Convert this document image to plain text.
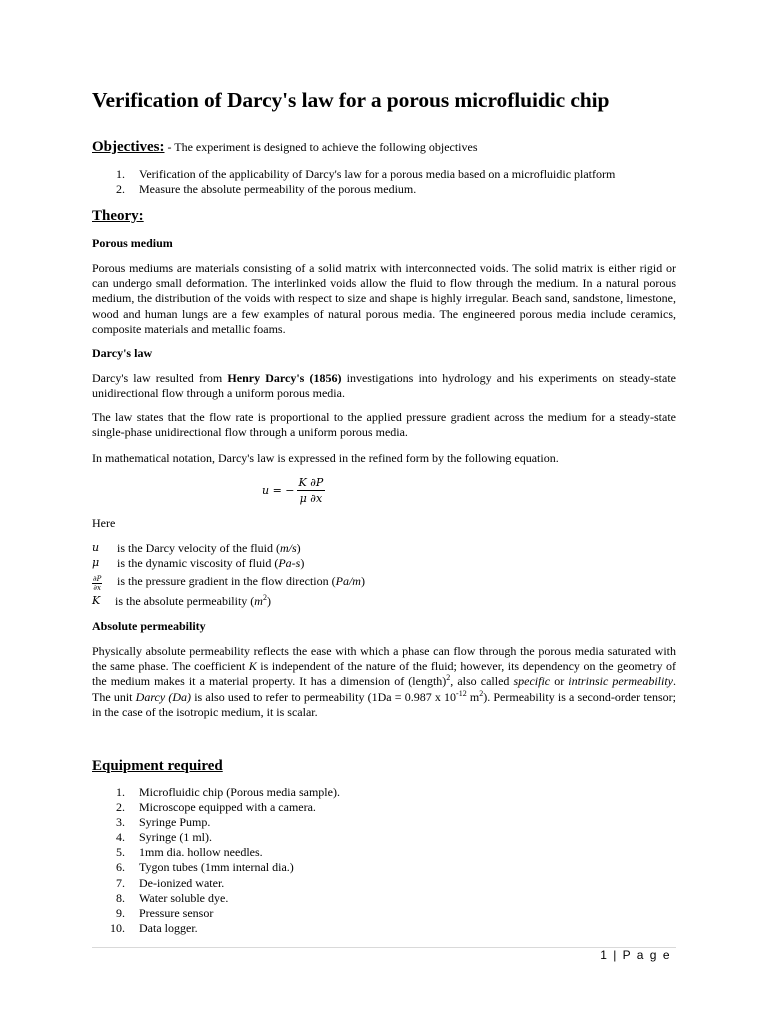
Verification of Darcy's law for a porous microfluidic chip
Objectives: - The experiment is designed to achieve the following objectives
1. Verification of the applicability of Darcy's law for a porous media based on a microfluidic platform
2. Measure the absolute permeability of the porous medium.
Theory:
Porous medium

Porous mediums are materials consisting of a solid matrix with interconnected voids. The solid matrix is either rigid or can undergo small deformation. The interlinked voids allow the fluid to flow through the medium. In a natural porous medium, the distribution of the voids with respect to size and shape is highly irregular. Beach sand, sandstone, limestone, wood and human lungs are a few examples of natural porous media. The engineered porous media include ceramics, composite materials and metallic foams.

Darcy's law

Darcy's law resulted from Henry Darcy's (1856) investigations into hydrology and his experiments on steady-state unidirectional flow through a uniform porous media.

The law states that the flow rate is proportional to the applied pressure gradient across the medium for a steady-state single-phase unidirectional flow through a uniform porous media.

In mathematical notation, Darcy's law is expressed in the refined form by the following equation.

Here
u is the Darcy velocity of the fluid (m/s)
μ is the dynamic viscosity of fluid (Pa-s)
$\frac{\partial P}{\partial x}$ is the pressure gradient in the flow direction (Pa/m)
K is the absolute permeability $(m^2)$
Absolute permeability

Physically absolute permeability reflects the ease with which a phase can flow through the porous media saturated with the same phase. The coefficient K is independent of the nature of the fluid; however, its dependency on the geometry of the medium makes it a material property. It has a dimension of (length)$^2$, also called specific or intrinsic permeability. The unit Darcy (Da) is also used to refer to permeability (1Da = 0.987 x $10^{-12}$ $m^2$). Permeability is a second-order tensor; in the case of the isotropic medium, it is scalar.

Equipment required
1. Microfluidic chip (Porous media sample).
2. Microscope equipped with a camera.
3. Syringe Pump.
4. Syringe (1 ml).
5. 1mm dia. hollow needles.
6. Tygon tubes (1mm internal dia.)
7. De-ionized water.
8. Water soluble dye.
9. Pressure sensor
10. Data logger.
u = − $\frac{K \partial P}{\mu \partial x}$
1 | P a g e
